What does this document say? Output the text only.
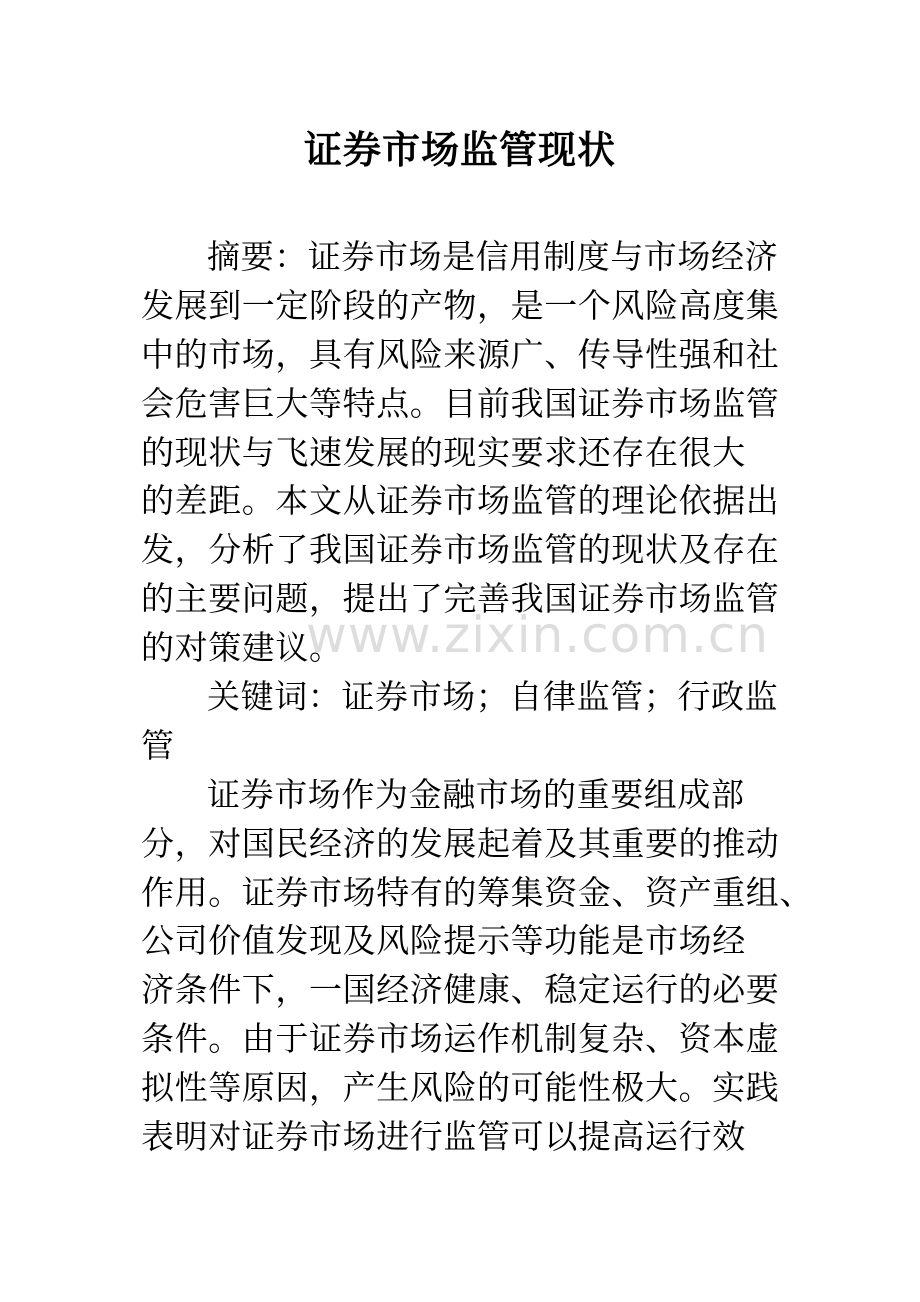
证券市场监管现状
摘要：证券市场是信用制度与市场经济
发展到一定阶段的产物，是一个风险高度集
中的市场，具有风险来源广、传导性强和社
会危害巨大等特点。目前我国证券市场监管
的现状与飞速发展的现实要求还存在很大
的差距。本文从证券市场监管的理论依据出
发，分析了我国证券市场监管的现状及存在
的主要问题，提出了完善我国证券市场监管
的对策建议。
关键词：证券市场；自律监管；行政监
管
证券市场作为金融市场的重要组成部
分，对国民经济的发展起着及其重要的推动
作用。证券市场特有的筹集资金、资产重组、
公司价值发现及风险提示等功能是市场经
济条件下，一国经济健康、稳定运行的必要
条件。由于证券市场运作机制复杂、资本虚
拟性等原因，产生风险的可能性极大。实践
表明对证券市场进行监管可以提高运行效
www.zixin.com.cn
